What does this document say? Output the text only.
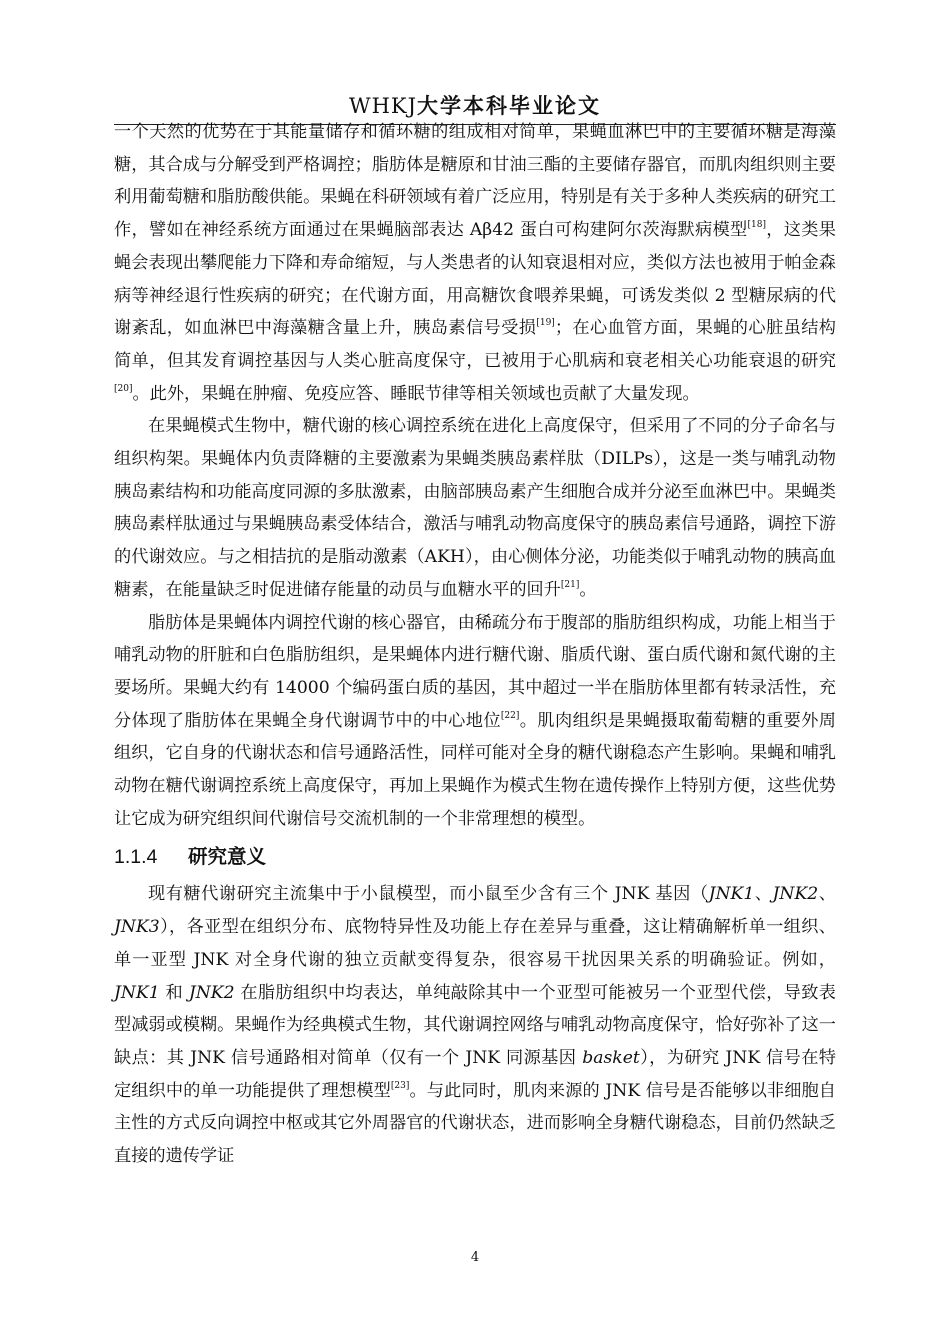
WHKJ大学本科毕业论文

一个天然的优势在于其能量储存和循环糖的组成相对简单，果蝇血淋巴中的主要循环糖是海藻糖，其合成与分解受到严格调控；脂肪体是糖原和甘油三酯的主要储存器官，而肌肉组织则主要利用葡萄糖和脂肪酸供能。果蝇在科研领域有着广泛应用，特别是有关于多种人类疾病的研究工作，譬如在神经系统方面通过在果蝇脑部表达 Aβ42 蛋白可构建阿尔茨海默病模型[18]，这类果蝇会表现出攀爬能力下降和寿命缩短，与人类患者的认知衰退相对应，类似方法也被用于帕金森病等神经退行性疾病的研究；在代谢方面，用高糖饮食喂养果蝇，可诱发类似 2 型糖尿病的代谢紊乱，如血淋巴中海藻糖含量上升，胰岛素信号受损[19]；在心血管方面，果蝇的心脏虽结构简单，但其发育调控基因与人类心脏高度保守，已被用于心肌病和衰老相关心功能衰退的研究[20]。此外，果蝇在肿瘤、免疫应答、睡眠节律等相关领域也贡献了大量发现。

在果蝇模式生物中，糖代谢的核心调控系统在进化上高度保守，但采用了不同的分子命名与组织构架。果蝇体内负责降糖的主要激素为果蝇类胰岛素样肽（DILPs），这是一类与哺乳动物胰岛素结构和功能高度同源的多肽激素，由脑部胰岛素产生细胞合成并分泌至血淋巴中。果蝇类胰岛素样肽通过与果蝇胰岛素受体结合，激活与哺乳动物高度保守的胰岛素信号通路，调控下游的代谢效应。与之相拮抗的是脂动激素（AKH），由心侧体分泌，功能类似于哺乳动物的胰高血糖素，在能量缺乏时促进储存能量的动员与血糖水平的回升[21]。

脂肪体是果蝇体内调控代谢的核心器官，由稀疏分布于腹部的脂肪组织构成，功能上相当于哺乳动物的肝脏和白色脂肪组织，是果蝇体内进行糖代谢、脂质代谢、蛋白质代谢和氮代谢的主要场所。果蝇大约有 14000 个编码蛋白质的基因，其中超过一半在脂肪体里都有转录活性，充分体现了脂肪体在果蝇全身代谢调节中的中心地位[22]。肌肉组织是果蝇摄取葡萄糖的重要外周组织，它自身的代谢状态和信号通路活性，同样可能对全身的糖代谢稳态产生影响。果蝇和哺乳动物在糖代谢调控系统上高度保守，再加上果蝇作为模式生物在遗传操作上特别方便，这些优势让它成为研究组织间代谢信号交流机制的一个非常理想的模型。

1.1.4 研究意义

现有糖代谢研究主流集中于小鼠模型，而小鼠至少含有三个 JNK 基因（JNK1、JNK2、JNK3），各亚型在组织分布、底物特异性及功能上存在差异与重叠，这让精确解析单一组织、单一亚型 JNK 对全身代谢的独立贡献变得复杂，很容易干扰因果关系的明确验证。例如，JNK1 和 JNK2 在脂肪组织中均表达，单纯敲除其中一个亚型可能被另一个亚型代偿，导致表型减弱或模糊。果蝇作为经典模式生物，其代谢调控网络与哺乳动物高度保守，恰好弥补了这一缺点：其 JNK 信号通路相对简单（仅有一个 JNK 同源基因 basket），为研究 JNK 信号在特定组织中的单一功能提供了理想模型[23]。与此同时，肌肉来源的 JNK 信号是否能够以非细胞自主性的方式反向调控中枢或其它外周器官的代谢状态，进而影响全身糖代谢稳态，目前仍然缺乏直接的遗传学证

4
